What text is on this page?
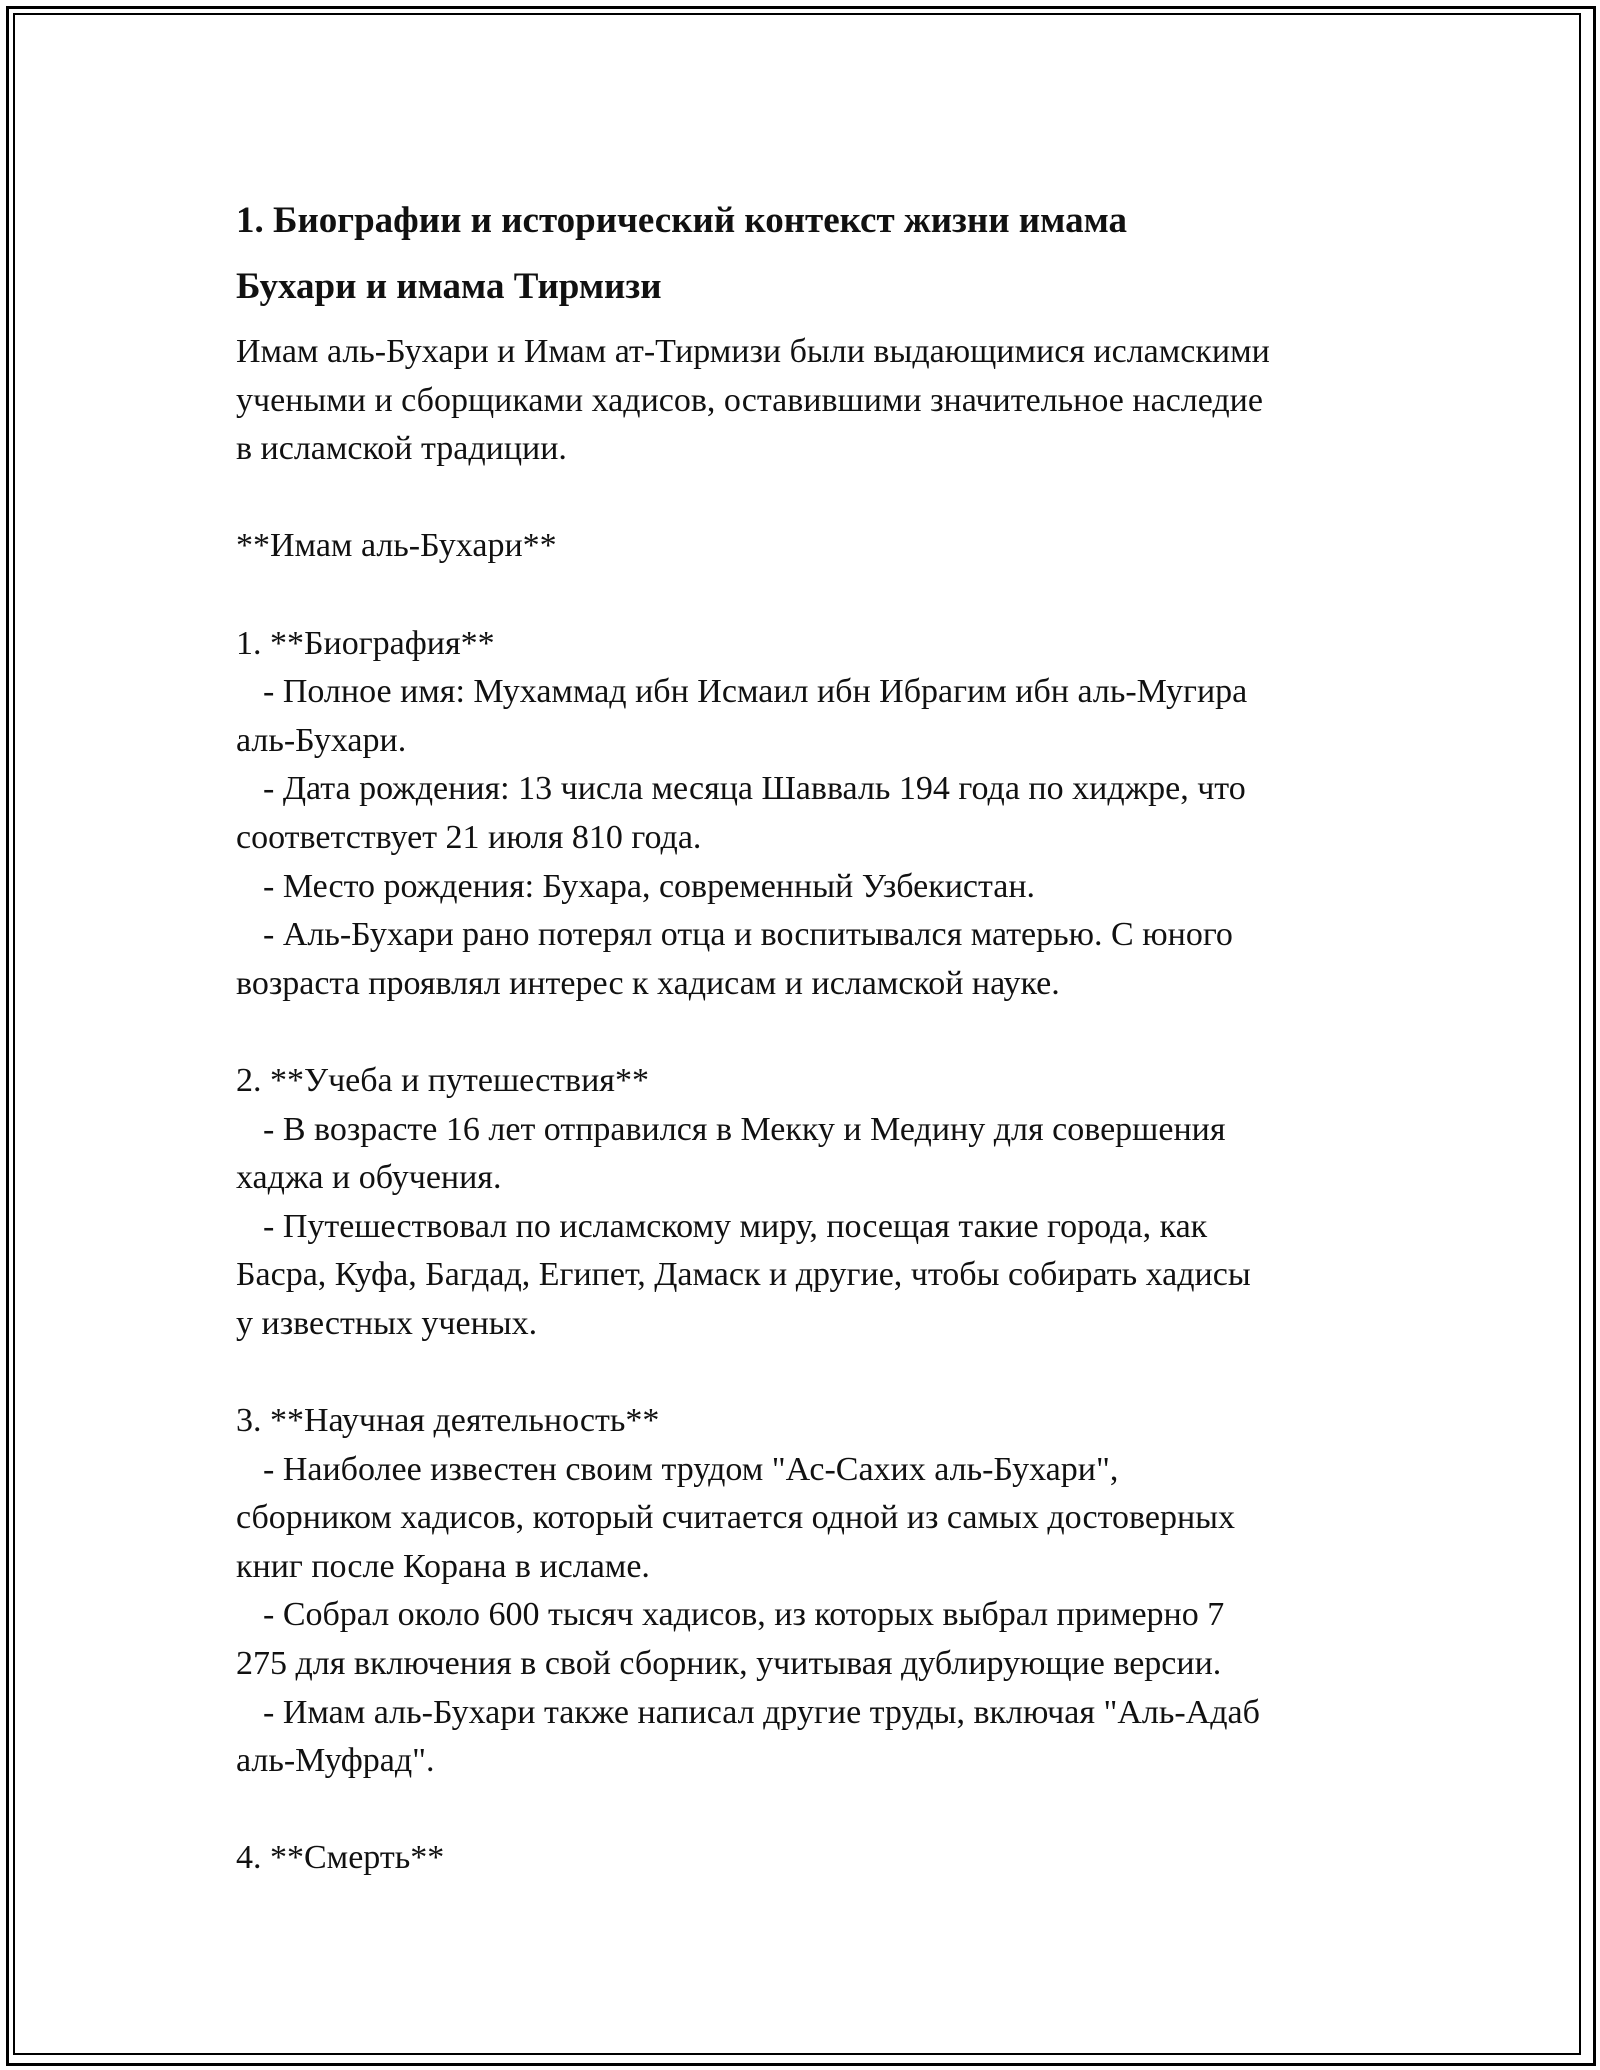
1. Биографии и исторический контекст жизни имама
Бухари и имама Тирмизи
Имам аль-Бухари и Имам ат-Тирмизи были выдающимися исламскими
учеными и сборщиками хадисов, оставившими значительное наследие
в исламской традиции.
**Имам аль-Бухари**
1. **Биография**
- Полное имя: Мухаммад ибн Исмаил ибн Ибрагим ибн аль-Мугира
аль-Бухари.
- Дата рождения: 13 числа месяца Шавваль 194 года по хиджре, что
соответствует 21 июля 810 года.
- Место рождения: Бухара, современный Узбекистан.
- Аль-Бухари рано потерял отца и воспитывался матерью. С юного
возраста проявлял интерес к хадисам и исламской науке.
2. **Учеба и путешествия**
- В возрасте 16 лет отправился в Мекку и Медину для совершения
хаджа и обучения.
- Путешествовал по исламскому миру, посещая такие города, как
Басра, Куфа, Багдад, Египет, Дамаск и другие, чтобы собирать хадисы
у известных ученых.
3. **Научная деятельность**
- Наиболее известен своим трудом "Ас-Сахих аль-Бухари",
сборником хадисов, который считается одной из самых достоверных
книг после Корана в исламе.
- Собрал около 600 тысяч хадисов, из которых выбрал примерно 7
275 для включения в свой сборник, учитывая дублирующие версии.
- Имам аль-Бухари также написал другие труды, включая "Аль-Адаб
аль-Муфрад".
4. **Смерть**
